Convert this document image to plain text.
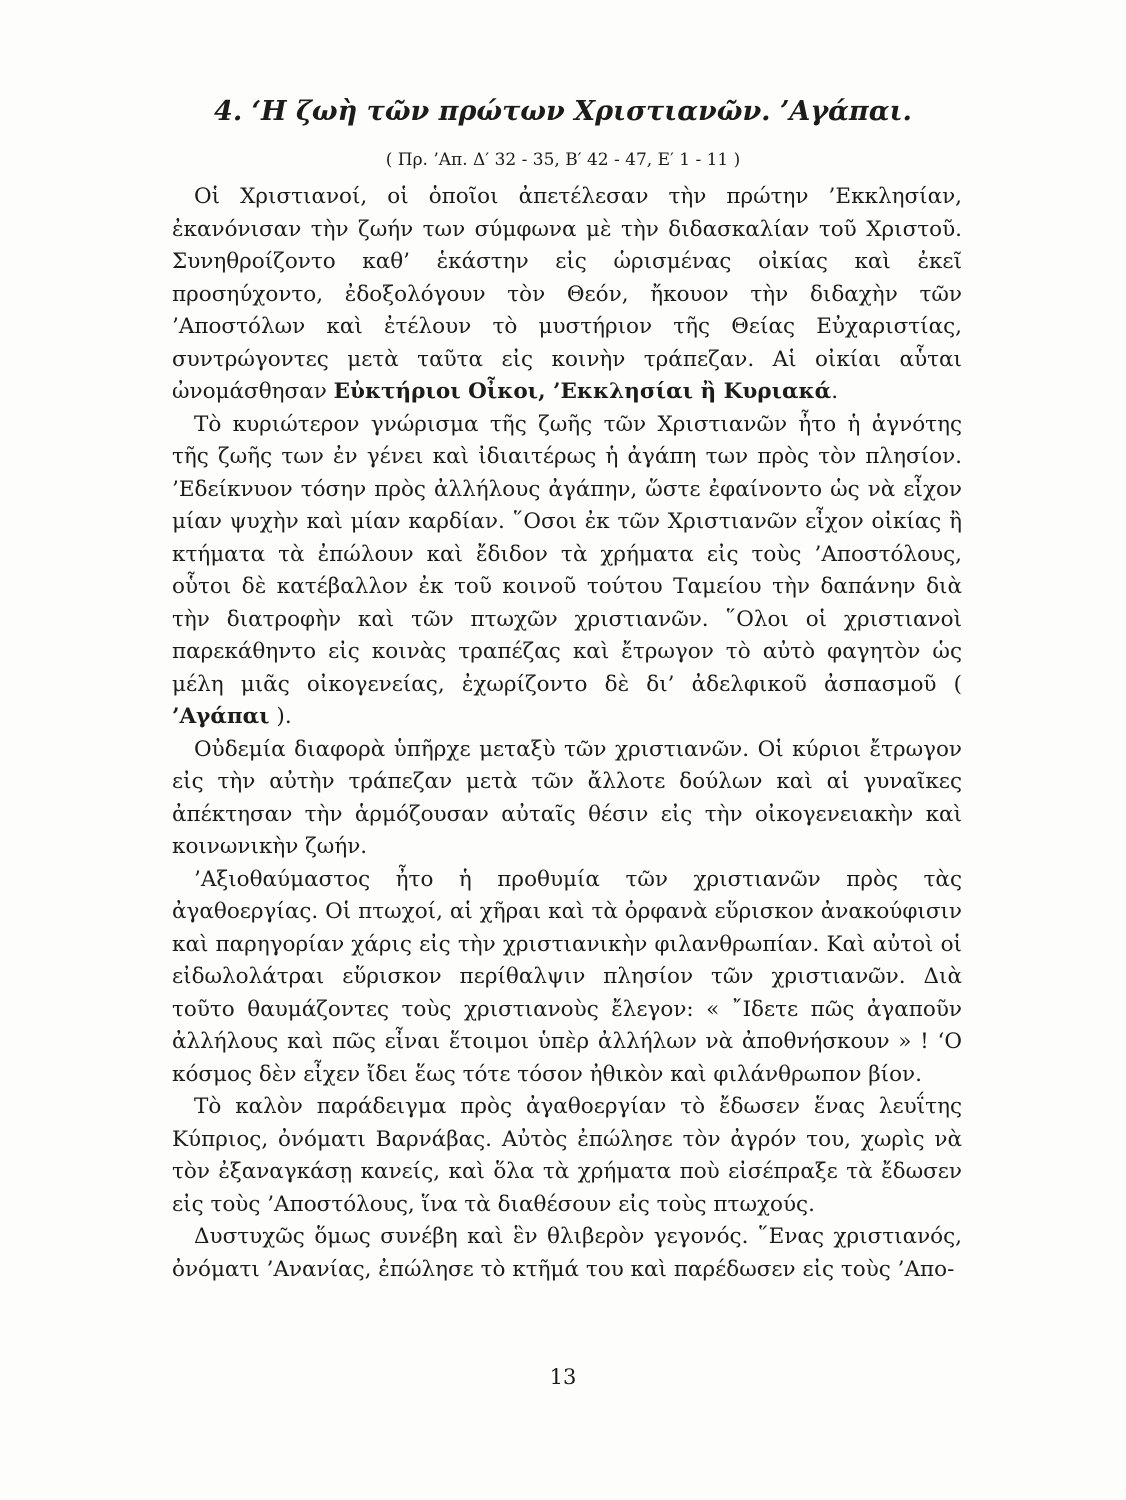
4. ‘Η ζωὴ τῶν πρώτων Χριστιανῶν. ’Αγάπαι.
( Πρ. ’Απ. Δ′ 32 - 35, Β′ 42 - 47, Ε′ 1 - 11 )

Οἱ Χριστιανοί, οἱ ὁποῖοι ἀπετέλεσαν τὴν πρώτην ’Εκκλησίαν, ἐκανόνισαν τὴν ζωήν των σύμφωνα μὲ τὴν διδασκαλίαν τοῦ Χριστοῦ. Συνηθροίζοντο καθ’ ἑκάστην εἰς ὡρισμένας οἰκίας καὶ ἐκεῖ προσηύχοντο, ἐδοξολόγουν τὸν Θεόν, ἤκουον τὴν διδαχὴν τῶν ’Αποστόλων καὶ ἐτέλουν τὸ μυστήριον τῆς Θείας Εὐχαριστίας, συντρώγοντες μετὰ ταῦτα εἰς κοινὴν τράπεζαν. Αἱ οἰκίαι αὗται ὠνομάσθησαν Εὐκτήριοι Οἶκοι, ’Εκκλησίαι ἢ Κυριακά.

Τὸ κυριώτερον γνώρισμα τῆς ζωῆς τῶν Χριστιανῶν ἦτο ἡ ἁγνότης τῆς ζωῆς των ἐν γένει καὶ ἰδιαιτέρως ἡ ἀγάπη των πρὸς τὸν πλησίον. ’Εδείκνυον τόσην πρὸς ἀλλήλους ἀγάπην, ὥστε ἐφαίνοντο ὡς νὰ εἶχον μίαν ψυχὴν καὶ μίαν καρδίαν. ῞Οσοι ἐκ τῶν Χριστιανῶν εἶχον οἰκίας ἢ κτήματα τὰ ἐπώλουν καὶ ἔδιδον τὰ χρήματα εἰς τοὺς ’Αποστόλους, οὗτοι δὲ κατέβαλλον ἐκ τοῦ κοινοῦ τούτου Ταμείου τὴν δαπάνην διὰ τὴν διατροφὴν καὶ τῶν πτωχῶν χριστιανῶν. ῞Ολοι οἱ χριστιανοὶ παρεκάθηντο εἰς κοινὰς τραπέζας καὶ ἔτρωγον τὸ αὐτὸ φαγητὸν ὡς μέλη μιᾶς οἰκογενείας, ἐχωρίζοντο δὲ δι’ ἀδελφικοῦ ἀσπασμοῦ ( ’Αγάπαι ).

Οὐδεμία διαφορὰ ὑπῆρχε μεταξὺ τῶν χριστιανῶν. Οἱ κύριοι ἔτρωγον εἰς τὴν αὐτὴν τράπεζαν μετὰ τῶν ἄλλοτε δούλων καὶ αἱ γυναῖκες ἀπέκτησαν τὴν ἁρμόζουσαν αὐταῖς θέσιν εἰς τὴν οἰκογενειακὴν καὶ κοινωνικὴν ζωήν.

’Αξιοθαύμαστος ἦτο ἡ προθυμία τῶν χριστιανῶν πρὸς τὰς ἀγαθοεργίας. Οἱ πτωχοί, αἱ χῆραι καὶ τὰ ὀρφανὰ εὕρισκον ἀνακούφισιν καὶ παρηγορίαν χάρις εἰς τὴν χριστιανικὴν φιλανθρωπίαν. Καὶ αὐτοὶ οἱ εἰδωλολάτραι εὕρισκον περίθαλψιν πλησίον τῶν χριστιανῶν. Διὰ τοῦτο θαυμάζοντες τοὺς χριστιανοὺς ἔλεγον: « ῎Ιδετε πῶς ἀγαποῦν ἀλλήλους καὶ πῶς εἶναι ἕτοιμοι ὑπὲρ ἀλλήλων νὰ ἀποθνήσκουν » ! ‘Ο κόσμος δὲν εἶχεν ἴδει ἕως τότε τόσον ἠθικὸν καὶ φιλάνθρωπον βίον.

Τὸ καλὸν παράδειγμα πρὸς ἀγαθοεργίαν τὸ ἔδωσεν ἕνας λευΐτης Κύπριος, ὀνόματι Βαρνάβας. Αὐτὸς ἐπώλησε τὸν ἀγρόν του, χωρὶς νὰ τὸν ἐξαναγκάσῃ κανείς, καὶ ὅλα τὰ χρήματα ποὺ εἰσέπραξε τὰ ἔδωσεν εἰς τοὺς ’Αποστόλους, ἵνα τὰ διαθέσουν εἰς τοὺς πτωχούς.

Δυστυχῶς ὅμως συνέβη καὶ ἓν θλιβερὸν γεγονός. ῞Ενας χριστιανός, ὀνόματι ’Ανανίας, ἐπώλησε τὸ κτῆμά του καὶ παρέδωσεν εἰς τοὺς ’Απο-

13
